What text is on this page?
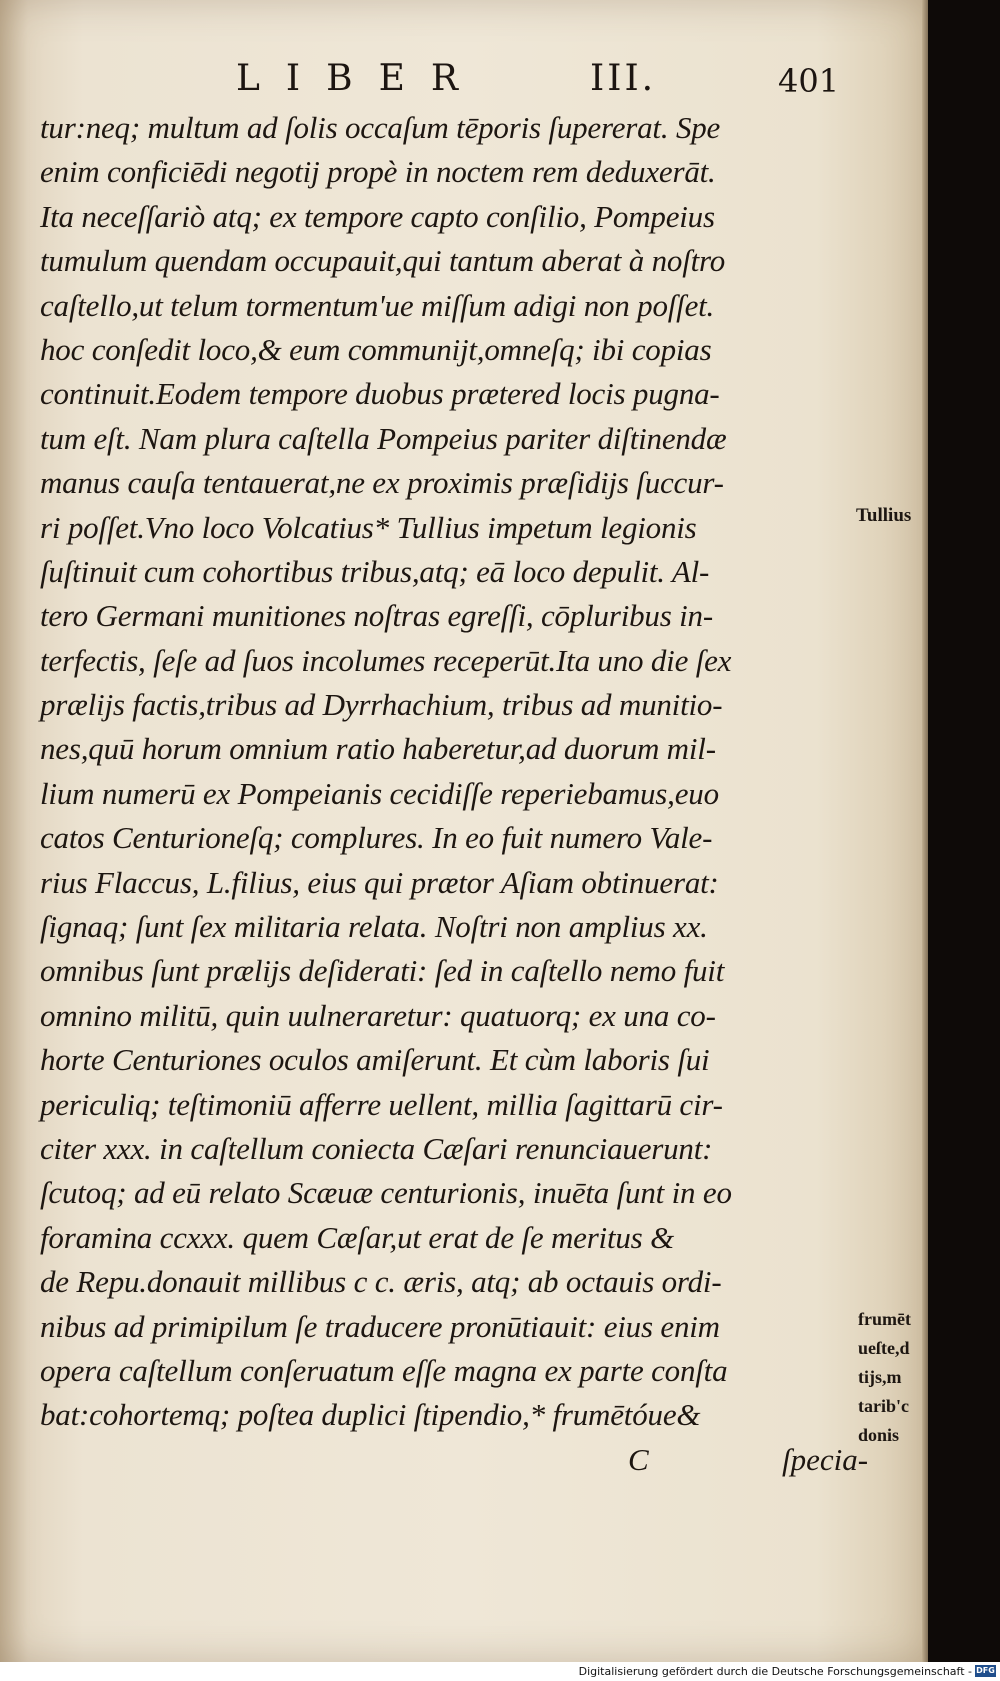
LIBER	III.	401
tur:neq; multum ad ſolis occaſum tēporis ſupererat. Spe
enim conficiēdi negotij propè in noctem rem deduxerāt.
Ita neceſſariò atq; ex tempore capto conſilio, Pompeius
tumulum quendam occupauit,qui tantum aberat à noſtro
caſtello,ut telum tormentum'ue miſſum adigi non poſſet.
hoc conſedit loco,& eum communijt,omneſq; ibi copias
continuit.Eodem tempore duobus prætered locis pugna-
tum eſt. Nam plura caſtella Pompeius pariter diſtinendæ
manus cauſa tentauerat,ne ex proximis præſidijs ſuccur-
ri poſſet.Vno loco Volcatius* Tullius impetum legionis
ſuſtinuit cum cohortibus tribus,atq; eā loco depulit. Al-
tero Germani munitiones noſtras egreſſi, cōpluribus in-
terfectis, ſeſe ad ſuos incolumes receperūt.Ita uno die ſex
prælijs factis,tribus ad Dyrrhachium, tribus ad munitio-
nes,quū horum omnium ratio haberetur,ad duorum mil-
lium numerū ex Pompeianis cecidiſſe reperiebamus,euo
catos Centurioneſq; complures. In eo fuit numero Vale-
rius Flaccus, L.filius, eius qui prætor Aſiam obtinuerat:
ſignaq; ſunt ſex militaria relata. Noſtri non amplius xx.
omnibus ſunt prælijs deſiderati: ſed in caſtello nemo fuit
omnino militū, quin uulneraretur: quatuorq; ex una co-
horte Centuriones oculos amiſerunt. Et cùm laboris ſui
periculiq; teſtimoniū afferre uellent, millia ſagittarū cir-
citer xxx. in caſtellum coniecta Cæſari renunciauerunt:
ſcutoq; ad eū relato Scæuæ centurionis, inuēta ſunt in eo
foramina ccxxx. quem Cæſar,ut erat de ſe meritus &
de Repu.donauit millibus c c. æris, atq; ab octauis ordi-
nibus ad primipilum ſe traducere pronūtiauit: eius enim
opera caſtellum conſeruatum eſſe magna ex parte conſta
bat:cohortemq; poſtea duplici ſtipendio,* frumētóue&
C	ſpecia-
Tullius
frumēt
ueſte,d
tijs,m
tarib'c
donis
Digitalisierung gefördert durch die Deutsche Forschungsgemeinschaft - DFG
